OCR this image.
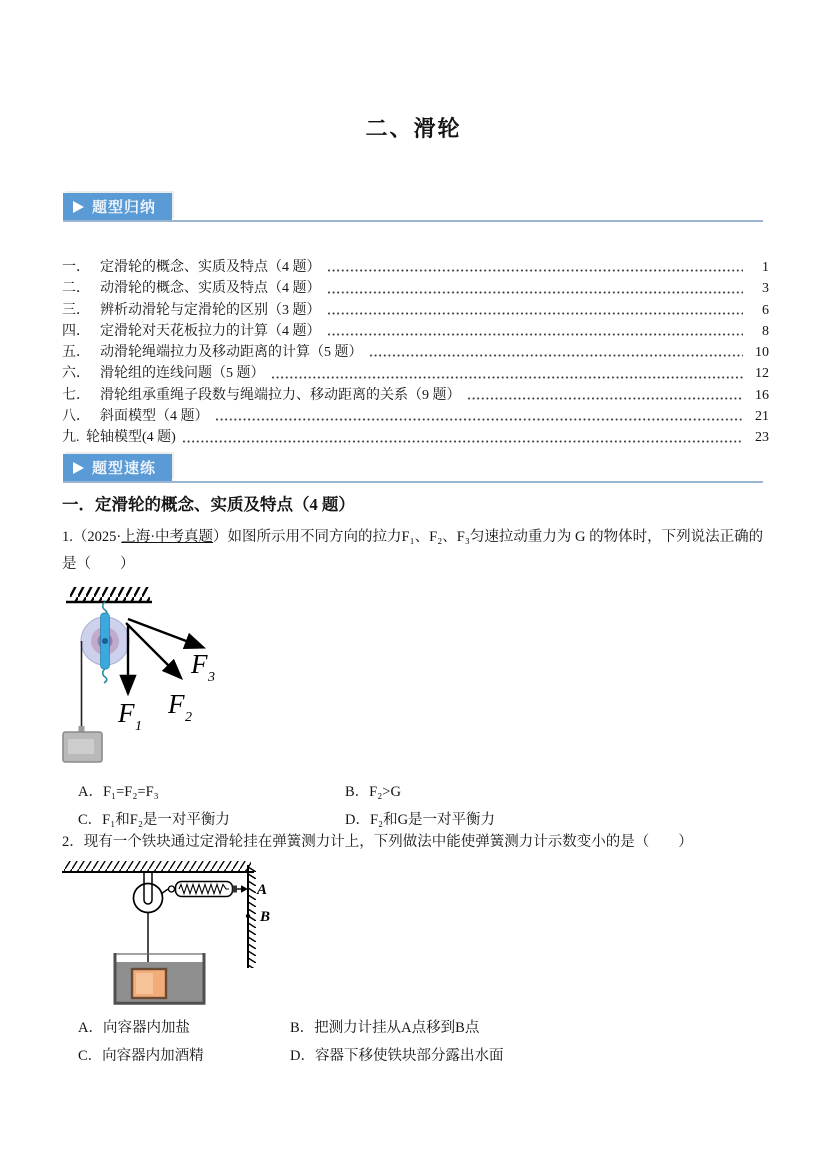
二、滑轮
题型归纳
一． 定滑轮的概念、实质及特点（4 题）	1
二． 动滑轮的概念、实质及特点（4 题）	3
三． 辨析动滑轮与定滑轮的区别（3 题）	6
四． 定滑轮对天花板拉力的计算（4 题）	8
五． 动滑轮绳端拉力及移动距离的计算（5 题）	10
六． 滑轮组的连线问题（5 题）	12
七． 滑轮组承重绳子段数与绳端拉力、移动距离的关系（9 题）	16
八． 斜面模型（4 题）	21
九. 轮轴模型(4 题)	23
题型速练
一．定滑轮的概念、实质及特点（4 题）
1.（2025·上海·中考真题）如图所示用不同方向的拉力F₁、F₂、F₃匀速拉动重力为 G 的物体时，下列说法正确的是（　　）
F 1
F 2
F 3
A．F₁=F₂=F₃	B．F₂>G
C．F₁和F₂是一对平衡力	D．F₂和G是一对平衡力
2．现有一个铁块通过定滑轮挂在弹簧测力计上，下列做法中能使弹簧测力计示数变小的是（　　）
A
B
A．向容器内加盐	B．把测力计挂从A点移到B点
C．向容器内加酒精	D．容器下移使铁块部分露出水面
